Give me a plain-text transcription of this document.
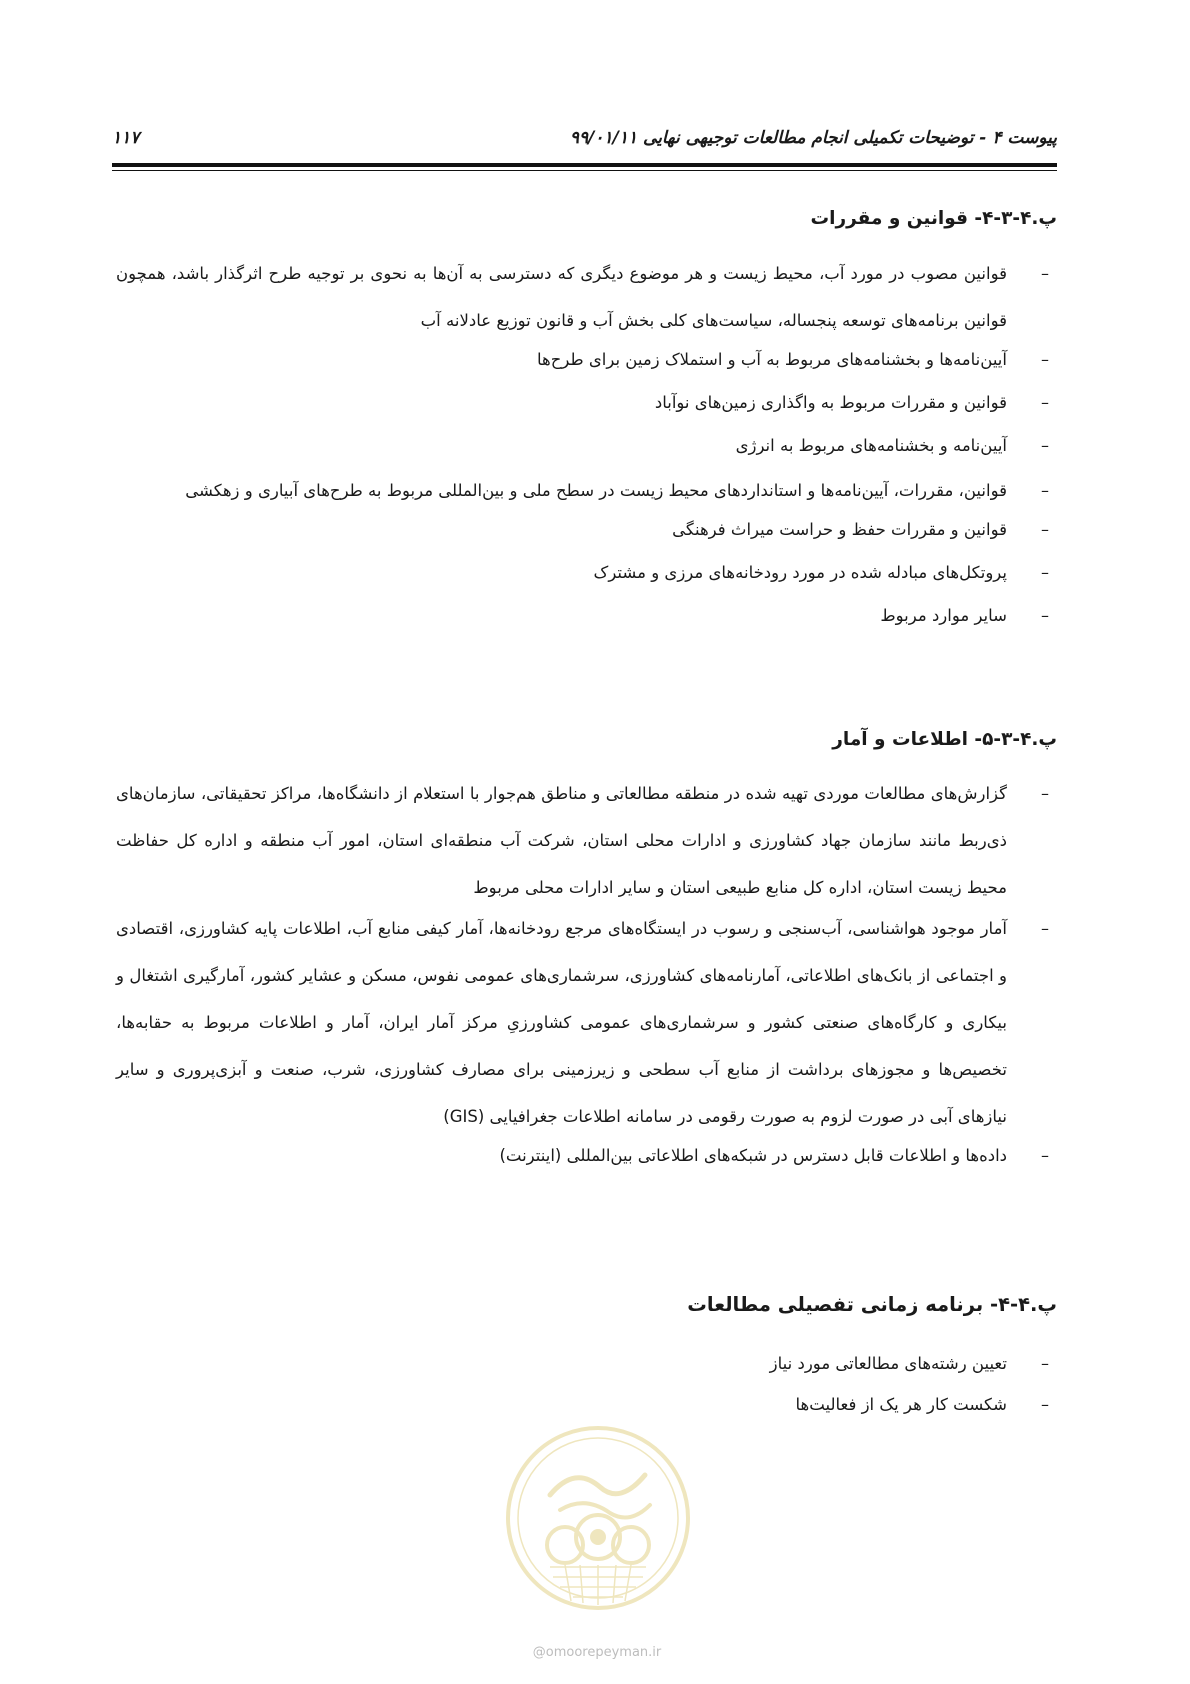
پیوست ۴ - توضیحات تکمیلی انجام مطالعات توجیهی نهایی ۹۹/۰۱/۱۱
۱۱۷
پ.۴-۳-۴- قوانین و مقررات
– قوانین مصوب در مورد آب، محیط زیست و هر موضوع دیگری که دسترسی به آن‌ها به نحوی بر توجیه طرح اثرگذار باشد، همچون قوانین برنامه‌های توسعه پنجساله، سیاست‌های کلی بخش آب و قانون توزیع عادلانه آب
– آیین‌نامه‌ها و بخشنامه‌های مربوط به آب و استملاک زمین برای طرح‌ها
– قوانین و مقررات مربوط به واگذاری زمین‌های نوآباد
– آیین‌نامه و بخشنامه‌های مربوط به انرژی
– قوانین، مقررات، آیین‌نامه‌ها و استانداردهای محیط زیست در سطح ملی و بین‌المللی مربوط به طرح‌های آبیاری و زهکشی
– قوانین و مقررات حفظ و حراست میراث فرهنگی
– پروتکل‌های مبادله شده در مورد رودخانه‌های مرزی و مشترک
– سایر موارد مربوط
پ.۴-۳-۵- اطلاعات و آمار
– گزارش‌های مطالعات موردی تهیه شده در منطقه مطالعاتی و مناطق هم‌جوار با استعلام از دانشگاه‌ها، مراکز تحقیقاتی، سازمان‌های ذی‌ربط مانند سازمان جهاد کشاورزی و ادارات محلی استان، شرکت آب منطقه‌ای استان، امور آب منطقه و اداره کل حفاظت محیط زیست استان، اداره کل منابع طبیعی استان و سایر ادارات محلی مربوط
– آمار موجود هواشناسی، آب‌سنجی و رسوب در ایستگاه‌های مرجع رودخانه‌ها، آمار کیفی منابع آب، اطلاعات پایه کشاورزی، اقتصادی و اجتماعی از بانک‌های اطلاعاتی، آمارنامه‌های کشاورزی، سرشماری‌های عمومی نفوس، مسکن و عشایر کشور، آمارگیری اشتغال و بیکاری و کارگاه‌های صنعتی کشور و سرشماری‌های عمومی کشاورزیِ مرکز آمار ایران، آمار و اطلاعات مربوط به حقابه‌ها، تخصیص‌ها و مجوزهای برداشت از منابع آب سطحی و زیرزمینی برای مصارف کشاورزی، شرب، صنعت و آبزی‌پروری و سایر نیازهای آبی در صورت لزوم به صورت رقومی در سامانه اطلاعات جغرافیایی (GIS)
– داده‌ها و اطلاعات قابل دسترس در شبکه‌های اطلاعاتی بین‌المللی (اینترنت)
پ.۴-۴- برنامه زمانی تفصیلی مطالعات
– تعیین رشته‌های مطالعاتی مورد نیاز
– شکست کار هر یک از فعالیت‌ها
@omoorepeyman.ir
